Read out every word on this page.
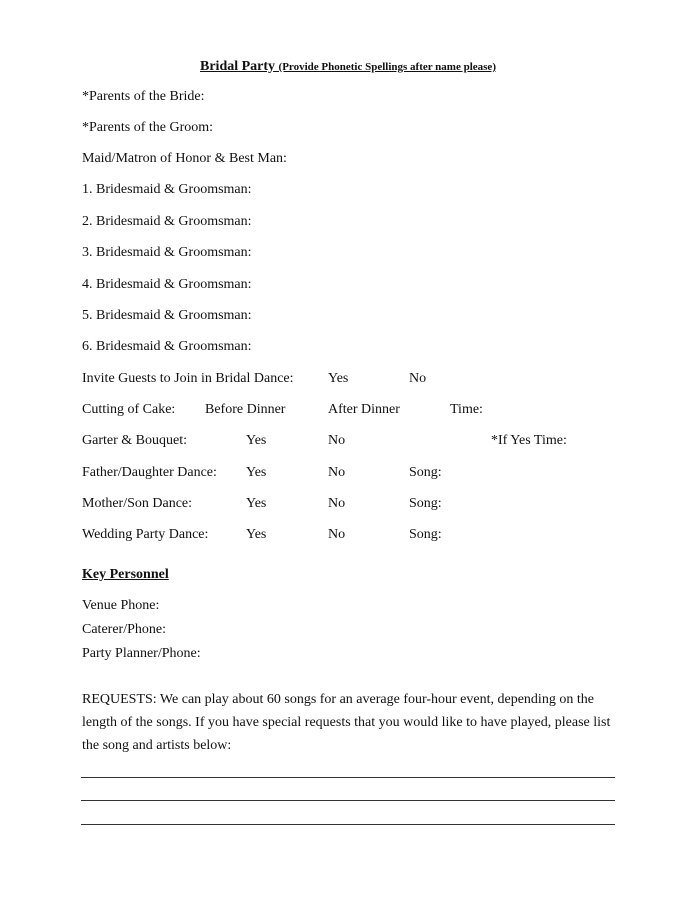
Bridal Party (Provide Phonetic Spellings after name please)
*Parents of the Bride:
*Parents of the Groom:
Maid/Matron of Honor & Best Man:
1. Bridesmaid & Groomsman:
2. Bridesmaid & Groomsman:
3. Bridesmaid & Groomsman:
4. Bridesmaid & Groomsman:
5. Bridesmaid & Groomsman:
6. Bridesmaid & Groomsman:
Invite Guests to Join in Bridal Dance: Yes	No
Cutting of Cake: Before Dinner	After Dinner	Time:
Garter & Bouquet:	Yes	No	*If Yes Time:
Father/Daughter Dance: Yes	No	Song:
Mother/Son Dance:	Yes	No	Song:
Wedding Party Dance:	Yes	No	Song:
Key Personnel
Venue Phone:
Caterer/Phone:
Party Planner/Phone:
REQUESTS: We can play about 60 songs for an average four-hour event, depending on the length of the songs. If you have special requests that you would like to have played, please list the song and artists below:
